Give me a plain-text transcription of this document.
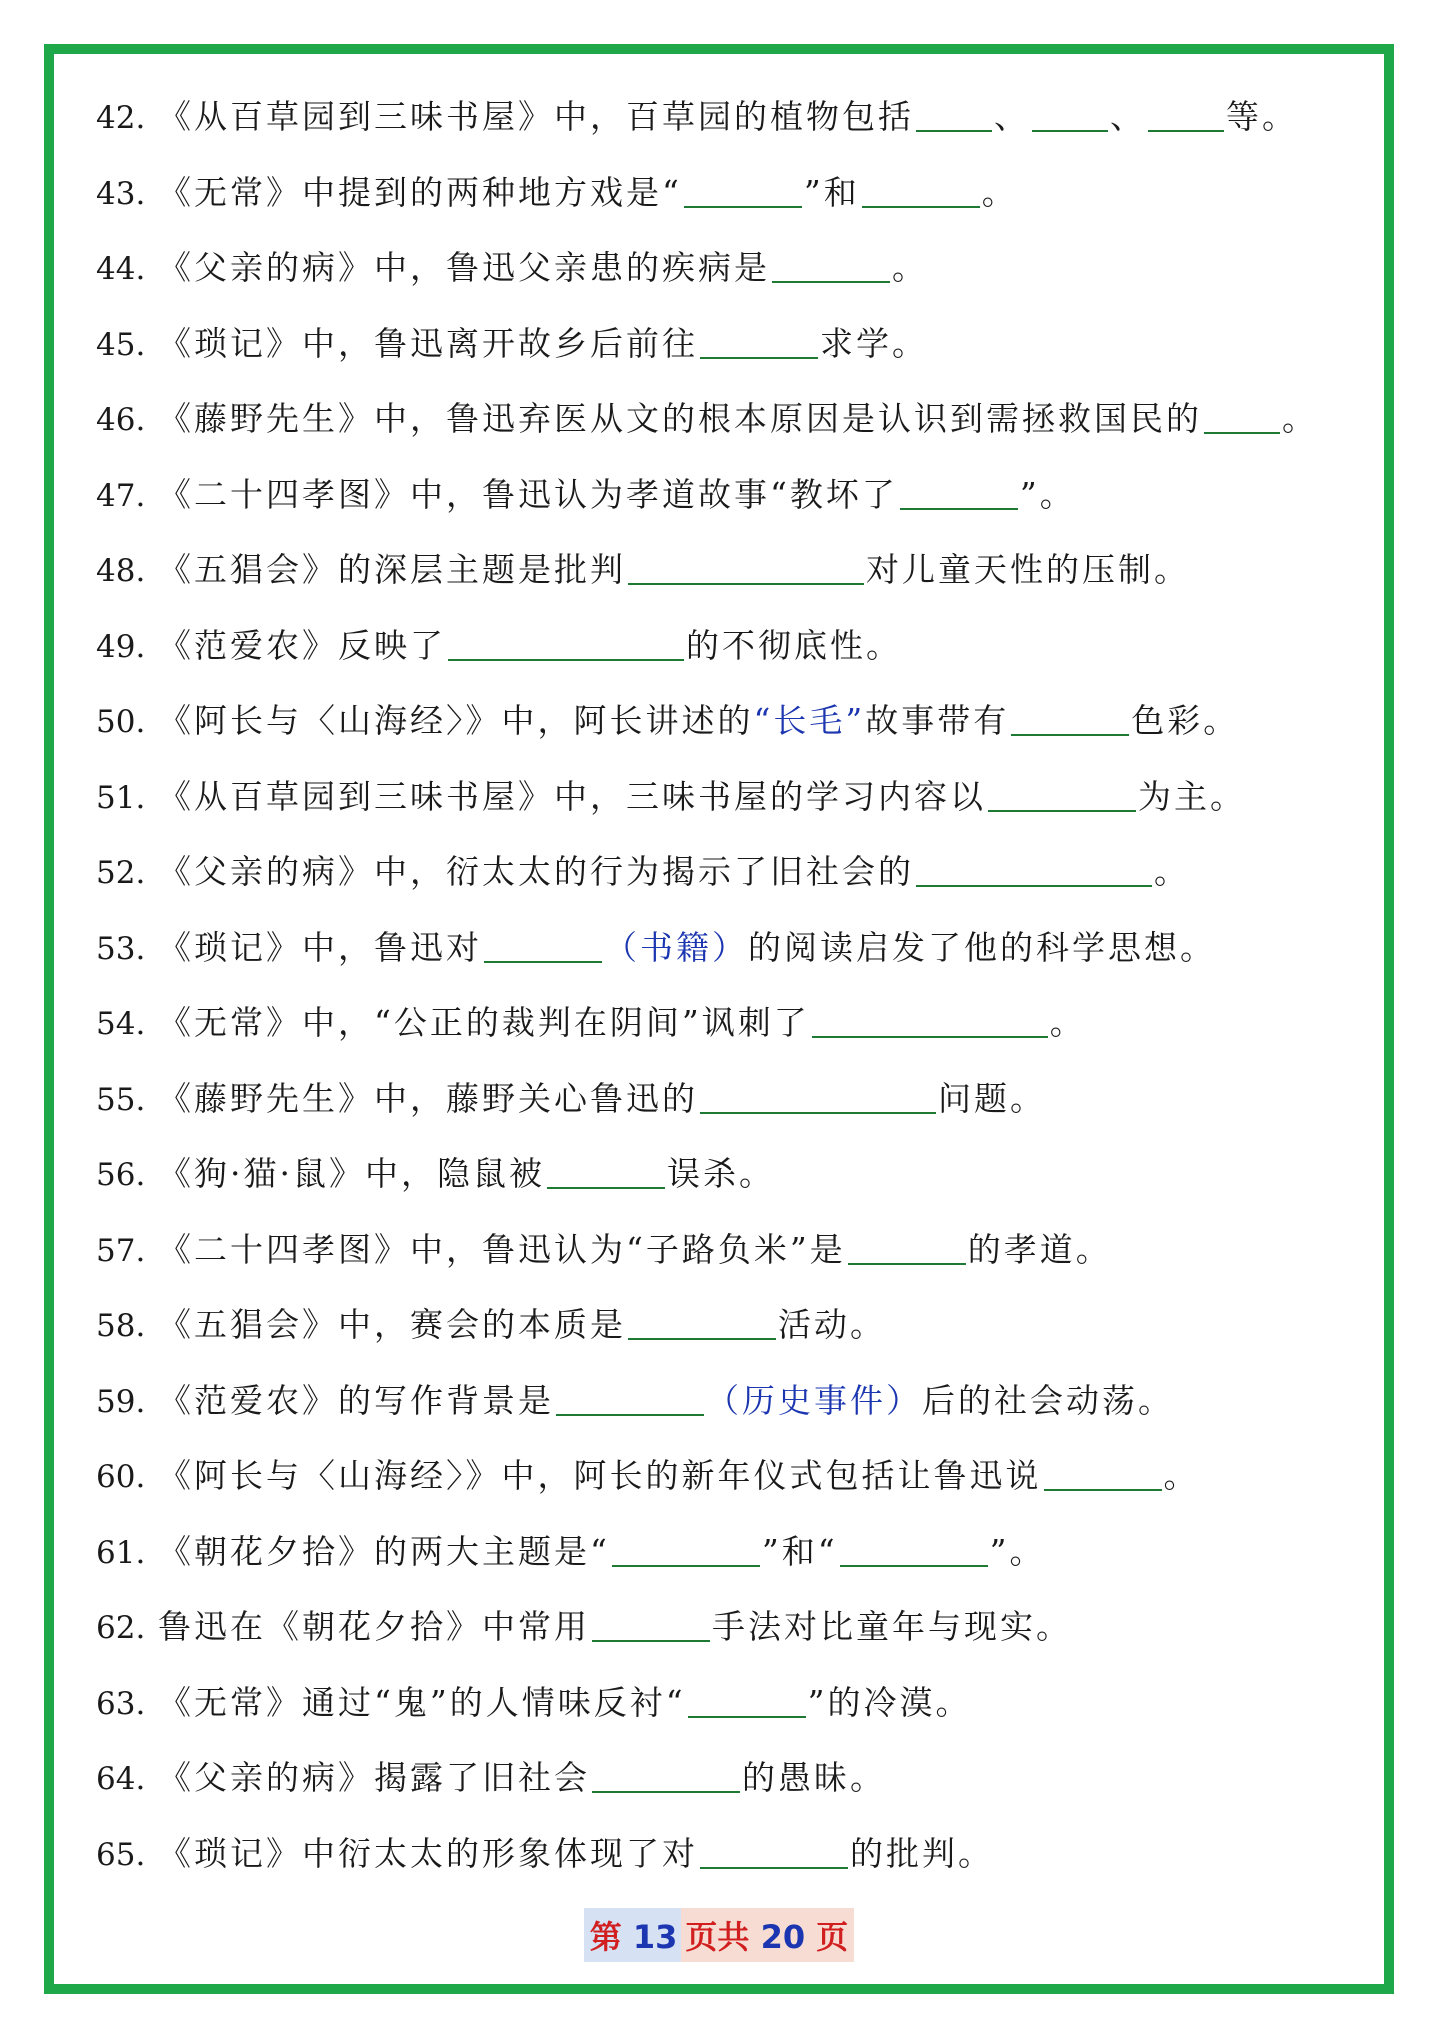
42. 《从百草园到三味书屋》中，百草园的植物包括 、 、 等。
43. 《无常》中提到的两种地方戏是“	”和	。
44. 《父亲的病》中，鲁迅父亲患的疾病是	。
45. 《琐记》中，鲁迅离开故乡后前往	求学。
46. 《藤野先生》中，鲁迅弃医从文的根本原因是认识到需拯救国民的 。
47. 《二十四孝图》中，鲁迅认为孝道故事“教坏了	”。
48. 《五猖会》的深层主题是批判	对儿童天性的压制。
49. 《范爱农》反映了	的不彻底性。
50. 《阿长与〈山海经〉》中，阿长讲述的“长毛”故事带有	色彩。
51. 《从百草园到三味书屋》中，三味书屋的学习内容以	为主。
52. 《父亲的病》中，衍太太的行为揭示了旧社会的	。
53. 《琐记》中，鲁迅对	（书籍）的阅读启发了他的科学思想。
54. 《无常》中，“公正的裁判在阴间”讽刺了	。
55. 《藤野先生》中，藤野关心鲁迅的	问题。
56. 《狗·猫·鼠》中，隐鼠被	误杀。
57. 《二十四孝图》中，鲁迅认为“子路负米”是	的孝道。
58. 《五猖会》中，赛会的本质是	活动。
59. 《范爱农》的写作背景是	（历史事件）后的社会动荡。
60. 《阿长与〈山海经〉》中，阿长的新年仪式包括让鲁迅说	。
61. 《朝花夕拾》的两大主题是“	”和“	”。
62. 鲁迅在《朝花夕拾》中常用	手法对比童年与现实。
63. 《无常》通过“鬼”的人情味反衬“	”的冷漠。
64. 《父亲的病》揭露了旧社会	的愚昧。
65. 《琐记》中衍太太的形象体现了对	的批判。
第 13 页共 20 页
